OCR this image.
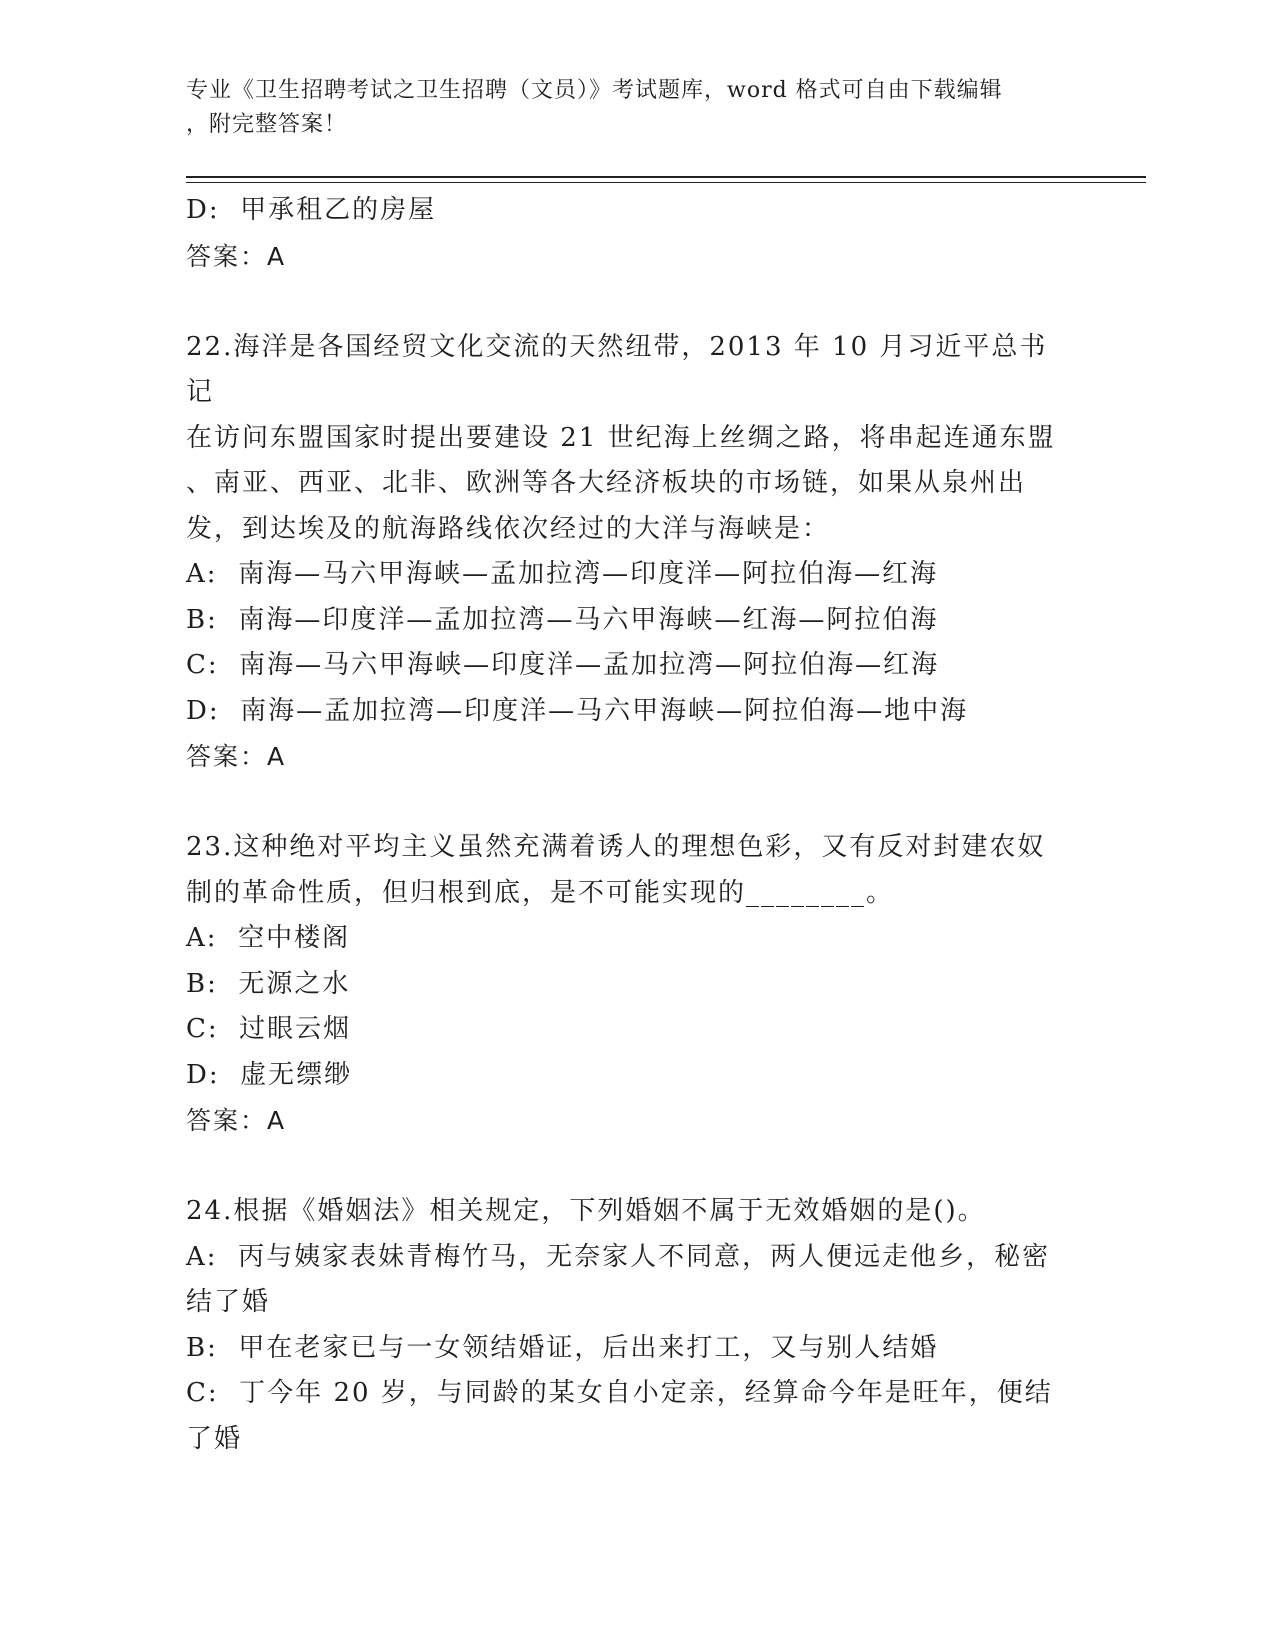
专业《卫生招聘考试之卫生招聘（文员）》考试题库，word 格式可自由下载编辑
，附完整答案！

D:  甲承租乙的房屋

答案：A

22.海洋是各国经贸文化交流的天然纽带，2013 年 10 月习近平总书记

在访问东盟国家时提出要建设 21 世纪海上丝绸之路，将串起连通东盟

、南亚、西亚、北非、欧洲等各大经济板块的市场链，如果从泉州出

发，到达埃及的航海路线依次经过的大洋与海峡是：

A:  南海—马六甲海峡—孟加拉湾—印度洋—阿拉伯海—红海

B:  南海—印度洋—孟加拉湾—马六甲海峡—红海—阿拉伯海

C:  南海—马六甲海峡—印度洋—孟加拉湾—阿拉伯海—红海

D:  南海—孟加拉湾—印度洋—马六甲海峡—阿拉伯海—地中海

答案：A

23.这种绝对平均主义虽然充满着诱人的理想色彩，又有反对封建农奴

制的革命性质，但归根到底，是不可能实现的________。

A:  空中楼阁

B:  无源之水

C:  过眼云烟

D:  虚无缥缈

答案：A

24.根据《婚姻法》相关规定，下列婚姻不属于无效婚姻的是()。

A:  丙与姨家表妹青梅竹马，无奈家人不同意，两人便远走他乡，秘密

结了婚

B:  甲在老家已与一女领结婚证，后出来打工，又与别人结婚

C:  丁今年 20 岁，与同龄的某女自小定亲，经算命今年是旺年，便结

了婚
